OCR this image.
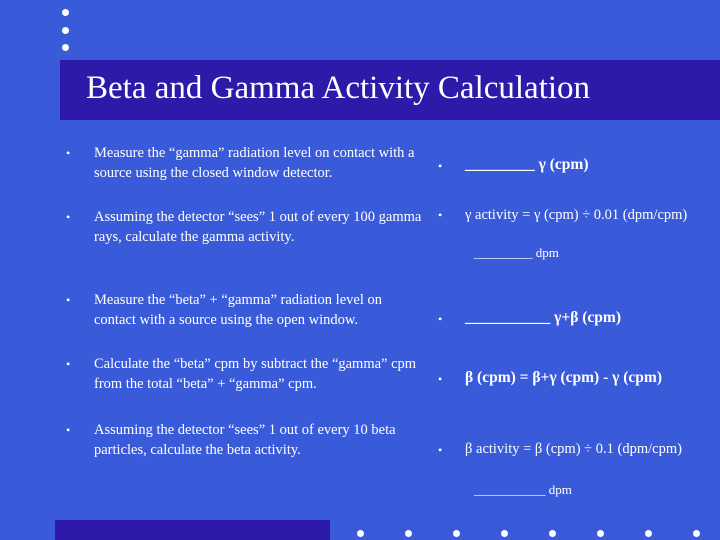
Beta and Gamma Activity Calculation
• Measure the “gamma” radiation level on contact with a source using the closed window detector.
• Assuming the detector “sees” 1 out of every 100 gamma rays, calculate the gamma activity.
• Measure the “beta” + “gamma” radiation level on contact with a source using the open window.
• Calculate the “beta” cpm by subtract the “gamma” cpm from the total “beta” + “gamma” cpm.
• Assuming the detector “sees” 1 out of every 10 beta particles, calculate the beta activity.
• _________ γ (cpm)
• γ activity = γ (cpm) ÷ 0.01 (dpm/cpm)
_________ dpm
• ___________ γ+β (cpm)
• β (cpm) = β+γ (cpm) - γ (cpm)
• β activity = β (cpm) ÷ 0.1 (dpm/cpm)
___________ dpm
